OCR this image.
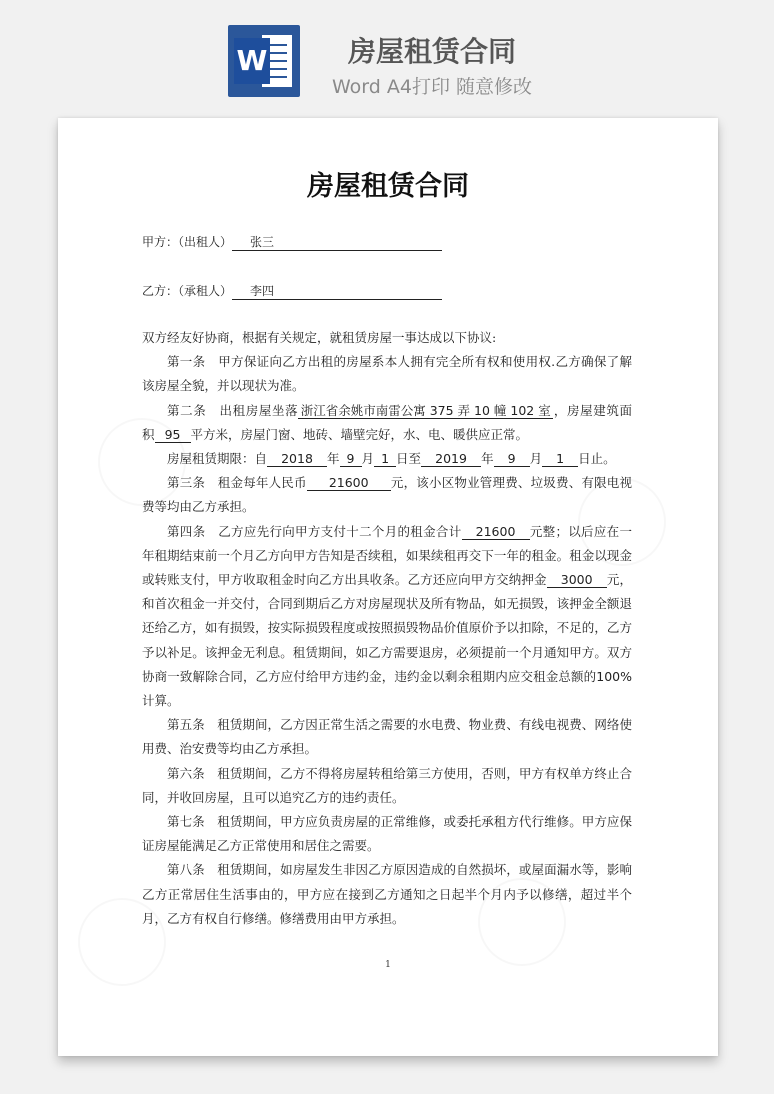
W	房屋租赁合同
Word A4打印 随意修改
房屋租赁合同
甲方：（出租人） 张三
乙方：（承租人） 李四

双方经友好协商，根据有关规定，就租赁房屋一事达成以下协议:

第一条　甲方保证向乙方出租的房屋系本人拥有完全所有权和使用权.乙方确保了解该房屋全貌，并以现状为准。

第二条　出租房屋坐落 浙江省余姚市南雷公寓 375 弄 10 幢 102 室 ，房屋建筑面积 95 平方米，房屋门窗、地砖、墙壁完好，水、电、暖供应正常。

房屋租赁期限：自 2018 年 9 月 1 日至 2019 年 9 月 1 日止。

第三条　租金每年人民币 21600 元，该小区物业管理费、垃圾费、有限电视费等均由乙方承担。

第四条　乙方应先行向甲方支付十二个月的租金合计 21600 元整；以后应在一年租期结束前一个月乙方向甲方告知是否续租，如果续租再交下一年的租金。租金以现金或转账支付，甲方收取租金时向乙方出具收条。乙方还应向甲方交纳押金 3000 元，和首次租金一并交付，合同到期后乙方对房屋现状及所有物品，如无损毁，该押金全额退还给乙方，如有损毁，按实际损毁程度或按照损毁物品价值原价予以扣除，不足的，乙方予以补足。该押金无利息。租赁期间，如乙方需要退房，必须提前一个月通知甲方。双方协商一致解除合同，乙方应付给甲方违约金，违约金以剩余租期内应交租金总额的100%计算。

第五条　租赁期间，乙方因正常生活之需要的水电费、物业费、有线电视费、网络使用费、治安费等均由乙方承担。

第六条　租赁期间，乙方不得将房屋转租给第三方使用，否则，甲方有权单方终止合同，并收回房屋，且可以追究乙方的违约责任。

第七条　租赁期间，甲方应负责房屋的正常维修，或委托承租方代行维修。甲方应保证房屋能满足乙方正常使用和居住之需要。

第八条　租赁期间，如房屋发生非因乙方原因造成的自然损坏，或屋面漏水等，影响乙方正常居住生活事由的，甲方应在接到乙方通知之日起半个月内予以修缮，超过半个月，乙方有权自行修缮。修缮费用由甲方承担。

1
